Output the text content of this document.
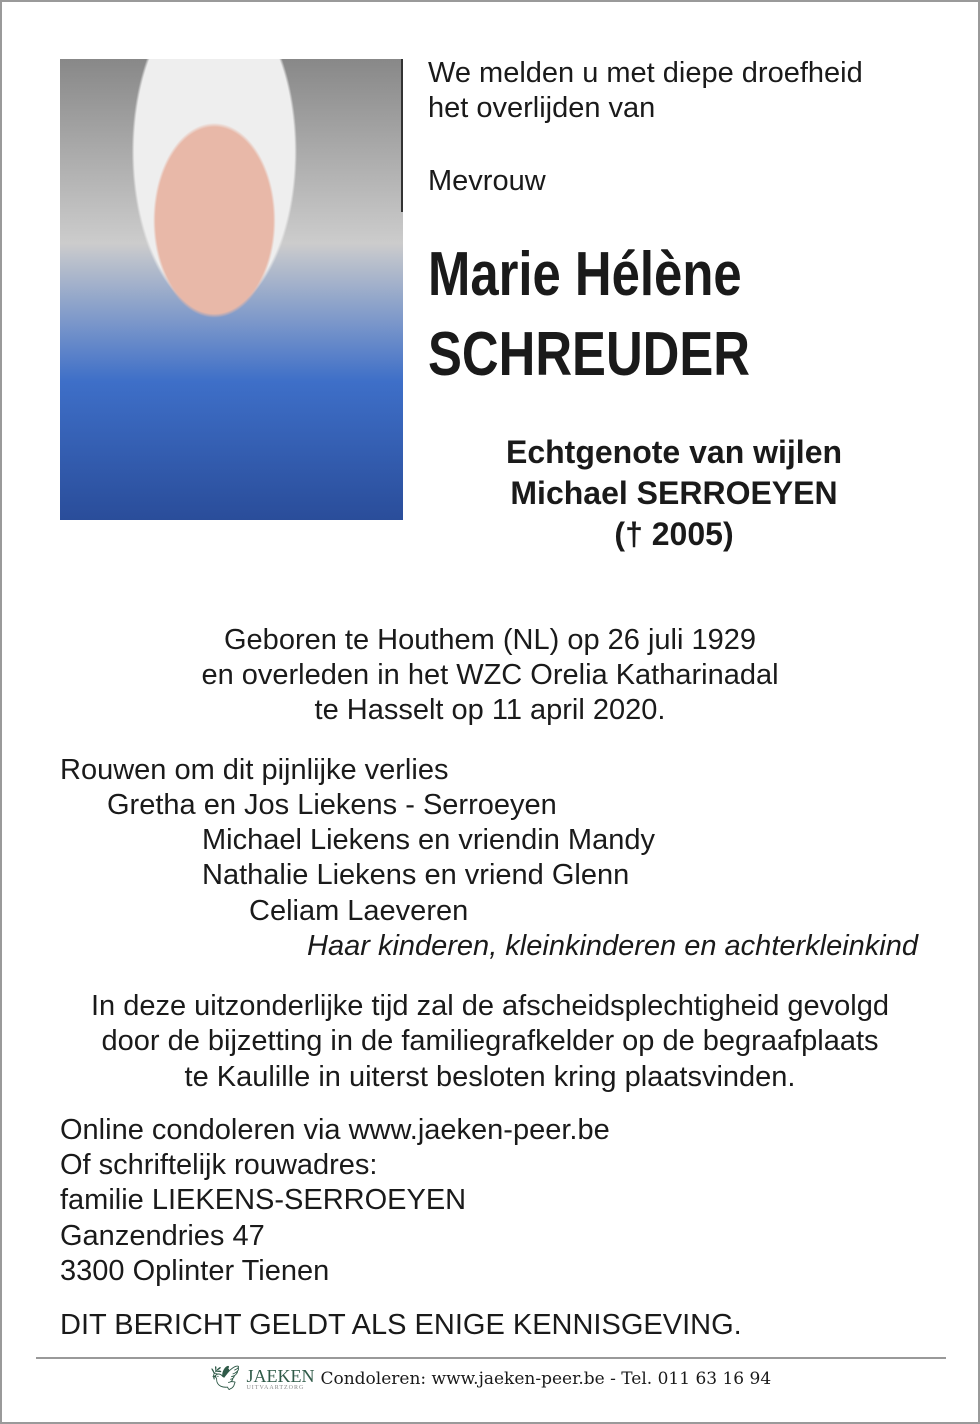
We melden u met diepe droefheid
het overlijden van
Mevrouw
Marie Hélène
SCHREUDER
Echtgenote van wijlen
Michael SERROEYEN
(† 2005)
Geboren te Houthem (NL) op 26 juli 1929
en overleden in het WZC Orelia Katharinadal
te Hasselt op 11 april 2020.
Rouwen om dit pijnlijke verlies
Gretha en Jos Liekens - Serroeyen
Michael Liekens en vriendin Mandy
Nathalie Liekens en vriend Glenn
Celiam Laeveren
Haar kinderen, kleinkinderen en achterkleinkind
In deze uitzonderlijke tijd zal de afscheidsplechtigheid gevolgd
door de bijzetting in de familiegrafkelder op de begraafplaats
te Kaulille in uiterst besloten kring plaatsvinden.
Online condoleren via www.jaeken-peer.be
Of schriftelijk rouwadres:
familie LIEKENS-SERROEYEN
Ganzendries 47
3300 Oplinter Tienen
DIT BERICHT GELDT ALS ENIGE KENNISGEVING.
🕊 JAEKEN
UITVAARTZORG Condoleren: www.jaeken-peer.be - Tel. 011 63 16 94
